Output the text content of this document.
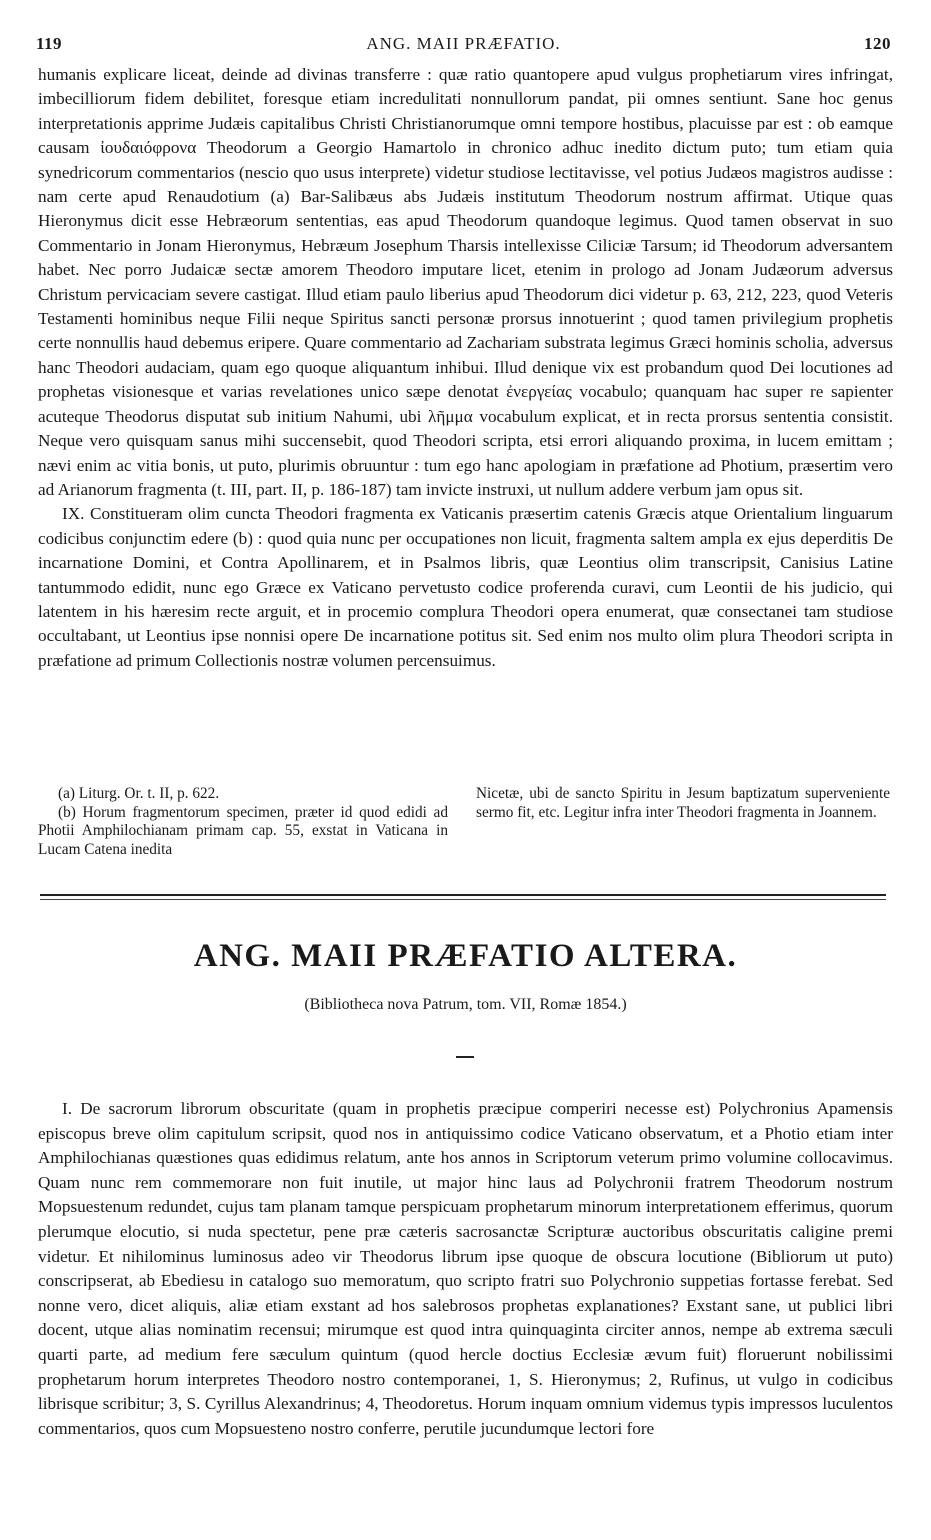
119	ANG. MAII PRÆFATIO.	120

humanis explicare liceat, deinde ad divinas transferre : quæ ratio quantopere apud vulgus prophetiarum vires infringat, imbecilliorum fidem debilitet, foresque etiam incredulitati nonnullorum pandat, pii omnes sentiunt. Sane hoc genus interpretationis apprime Judæis capitalibus Christi Christianorumque omni tempore hostibus, placuisse par est : ob eamque causam ἰουδαιόφρονα Theodorum a Georgio Hamartolo in chronico adhuc inedito dictum puto; tum etiam quia synedricorum commentarios (nescio quo usus interprete) videtur studiose lectitavisse, vel potius Judæos magistros audisse : nam certe apud Renaudotium (a) Bar-Salibæus abs Judæis institutum Theodorum nostrum affirmat. Utique quas Hieronymus dicit esse Hebræorum sententias, eas apud Theodorum quandoque legimus. Quod tamen observat in suo Commentario in Jonam Hieronymus, Hebræum Josephum Tharsis intellexisse Ciliciæ Tarsum; id Theodorum adversantem habet. Nec porro Judaicæ sectæ amorem Theodoro imputare licet, etenim in prologo ad Jonam Judæorum adversus Christum pervicaciam severe castigat. Illud etiam paulo liberius apud Theodorum dici videtur p. 63, 212, 223, quod Veteris Testamenti hominibus neque Filii neque Spiritus sancti personæ prorsus innotuerint ; quod tamen privilegium prophetis certe nonnullis haud debemus eripere. Quare commentario ad Zachariam substrata legimus Græci hominis scholia, adversus hanc Theodori audaciam, quam ego quoque aliquantum inhibui. Illud denique vix est probandum quod Dei locutiones ad prophetas visionesque et varias revelationes unico sæpe denotat ἐνεργείας vocabulo; quanquam hac super re sapienter acuteque Theodorus disputat sub initium Nahumi, ubi λῆμμα vocabulum explicat, et in recta prorsus sententia consistit. Neque vero quisquam sanus mihi succensebit, quod Theodori scripta, etsi errori aliquando proxima, in lucem emittam ; nævi enim ac vitia bonis, ut puto, plurimis obruuntur : tum ego hanc apologiam in præfatione ad Photium, præsertim vero ad Arianorum fragmenta (t. III, part. II, p. 186-187) tam invicte instruxi, ut nullum addere verbum jam opus sit.

IX. Constitueram olim cuncta Theodori fragmenta ex Vaticanis præsertim catenis Græcis atque Orientalium linguarum codicibus conjunctim edere (b) : quod quia nunc per occupationes non licuit, fragmenta saltem ampla ex ejus deperditis De incarnatione Domini, et Contra Apollinarem, et in Psalmos libris, quæ Leontius olim transcripsit, Canisius Latine tantummodo edidit, nunc ego Græce ex Vaticano pervetusto codice proferenda curavi, cum Leontii de his judicio, qui latentem in his hæresim recte arguit, et in procemio complura Theodori opera enumerat, quæ consectanei tam studiose occultabant, ut Leontius ipse nonnisi opere De incarnatione potitus sit. Sed enim nos multo olim plura Theodori scripta in præfatione ad primum Collectionis nostræ volumen percensuimus.

(a) Liturg. Or. t. II, p. 622.

(b) Horum fragmentorum specimen, præter id quod edidi ad Photii Amphilochianam primam cap. 55, exstat in Vaticana in Lucam Catena inedita

Nicetæ, ubi de sancto Spiritu in Jesum baptizatum superveniente sermo fit, etc. Legitur infra inter Theodori fragmenta in Joannem.

ANG. MAII PRÆFATIO ALTERA.
(Bibliotheca nova Patrum, tom. VII, Romæ 1854.)

I. De sacrorum librorum obscuritate (quam in prophetis præcipue comperiri necesse est) Polychronius Apamensis episcopus breve olim capitulum scripsit, quod nos in antiquissimo codice Vaticano observatum, et a Photio etiam inter Amphilochianas quæstiones quas edidimus relatum, ante hos annos in Scriptorum veterum primo volumine collocavimus. Quam nunc rem commemorare non fuit inutile, ut major hinc laus ad Polychronii fratrem Theodorum nostrum Mopsuestenum redundet, cujus tam planam tamque perspicuam prophetarum minorum interpretationem efferimus, quorum plerumque elocutio, si nuda spectetur, pene præ cæteris sacrosanctæ Scripturæ auctoribus obscuritatis caligine premi videtur. Et nihilominus luminosus adeo vir Theodorus librum ipse quoque de obscura locutione (Bibliorum ut puto) conscripserat, ab Ebediesu in catalogo suo memoratum, quo scripto fratri suo Polychronio suppetias fortasse ferebat. Sed nonne vero, dicet aliquis, aliæ etiam exstant ad hos salebrosos prophetas explanationes? Exstant sane, ut publici libri docent, utque alias nominatim recensui; mirumque est quod intra quinquaginta circiter annos, nempe ab extrema sæculi quarti parte, ad medium fere sæculum quintum (quod hercle doctius Ecclesiæ ævum fuit) floruerunt nobilissimi prophetarum horum interpretes Theodoro nostro contemporanei, 1, S. Hieronymus; 2, Rufinus, ut vulgo in codicibus librisque scribitur; 3, S. Cyrillus Alexandrinus; 4, Theodoretus. Horum inquam omnium videmus typis impressos luculentos commentarios, quos cum Mopsuesteno nostro conferre, perutile jucundumque lectori fore
